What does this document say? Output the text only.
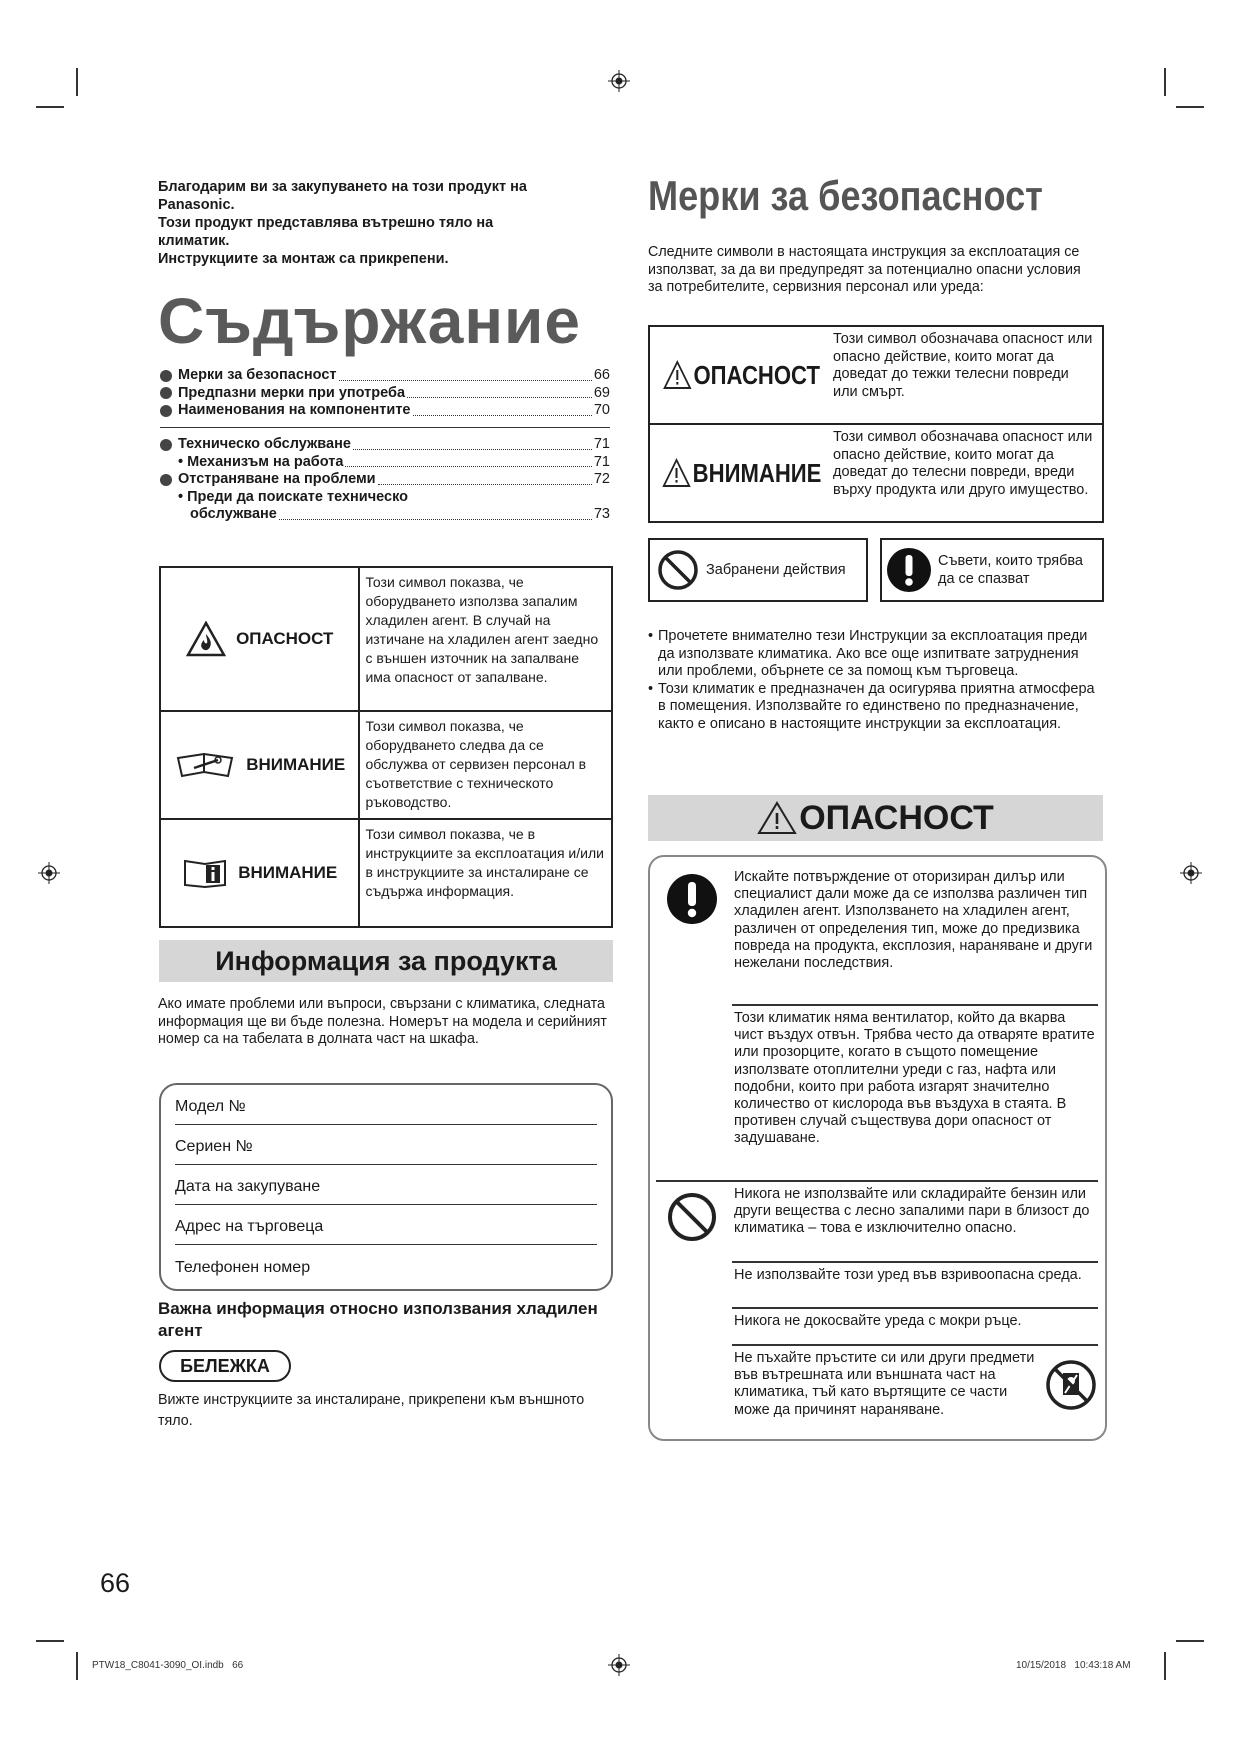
Благодарим ви за закупуването на този продукт на

Panasonic.

Този продукт представлява вътрешно тяло на

климатик.

Инструкциите за монтаж са прикрепени.

Съдържание
Мерки за безопасност	66
Предпазни мерки при употреба	69
Наименования на компонентите	70
Техническо обслужване	71
• Механизъм на работа	71
Отстраняване на проблеми	72
• Преди да поискате техническо
обслужване	73
ОПАСНОСТ	Този символ показва, че оборудването използва запалим хладилен агент. В случай на изтичане на хладилен агент заедно с външен източник на запалване има опасност от запалване.

ВНИМАНИЕ	Този символ показва, че оборудването следва да се обслужва от сервизен персонал в съответствие с техническото ръководство.

ВНИМАНИЕ	Този символ показва, че в инструкциите за експлоатация и/или в инструкциите за инсталиране се съдържа информация.
Информация за продукта
Ако имате проблеми или въпроси, свързани с климатика, следната информация ще ви бъде полезна. Номерът на модела и серийният номер са на табелата в долната част на шкафа.
Модел №
Сериен №
Дата на закупуване
Адрес на търговеца
Телефонен номер
Важна информация относно използвания хладилен агент
БЕЛЕЖКА
Вижте инструкциите за инсталиране, прикрепени към външното тяло.
Мерки за безопасност
Следните символи в настоящата инструкция за експлоатация се използват, за да ви предупредят за потенциално опасни условия за потребителите, сервизния персонал или уреда:
ОПАСНОСТ
Този символ обозначава опасност или опасно действие, които могат да доведат до тежки телесни повреди или смърт.
ВНИМАНИЕ
Този символ обозначава опасност или опасно действие, които могат да доведат до телесни повреди, вреди върху продукта или друго имущество.
Забранени действия
Съвети, които трябва да се спазват
• Прочетете внимателно тези Инструкции за експлоатация преди да използвате климатика. Ако все още изпитвате затруднения или проблеми, обърнете се за помощ към търговеца.
• Този климатик е предназначен да осигурява приятна атмосфера в помещения. Използвайте го единствено по предназначение, както е описано в настоящите инструкции за експлоатация.
ОПАСНОСТ
Искайте потвърждение от оторизиран дилър или специалист дали може да се използва различен тип хладилен агент. Използването на хладилен агент, различен от определения тип, може до предизвика повреда на продукта, експлозия, нараняване и други нежелани последствия.
Този климатик няма вентилатор, който да вкарва чист въздух отвън. Трябва често да отваряте вратите или прозорците, когато в същото помещение използвате отоплителни уреди с газ, нафта или подобни, които при работа изгарят значително количество от кислорода във въздуха в стаята. В противен случай съществува дори опасност от задушаване.
Никога не използвайте или складирайте бензин или други вещества с лесно запалими пари в близост до климатика – това е изключително опасно.
Не използвайте този уред във взривоопасна среда.
Никога не докосвайте уреда с мокри ръце.
Не пъхайте пръстите си или други предмети във вътрешната или външната част на климатика, тъй като въртящите се части може да причинят нараняване.
66
PTW18_C8041-3090_OI.indb   66	10/15/2018   10:43:18 AM
